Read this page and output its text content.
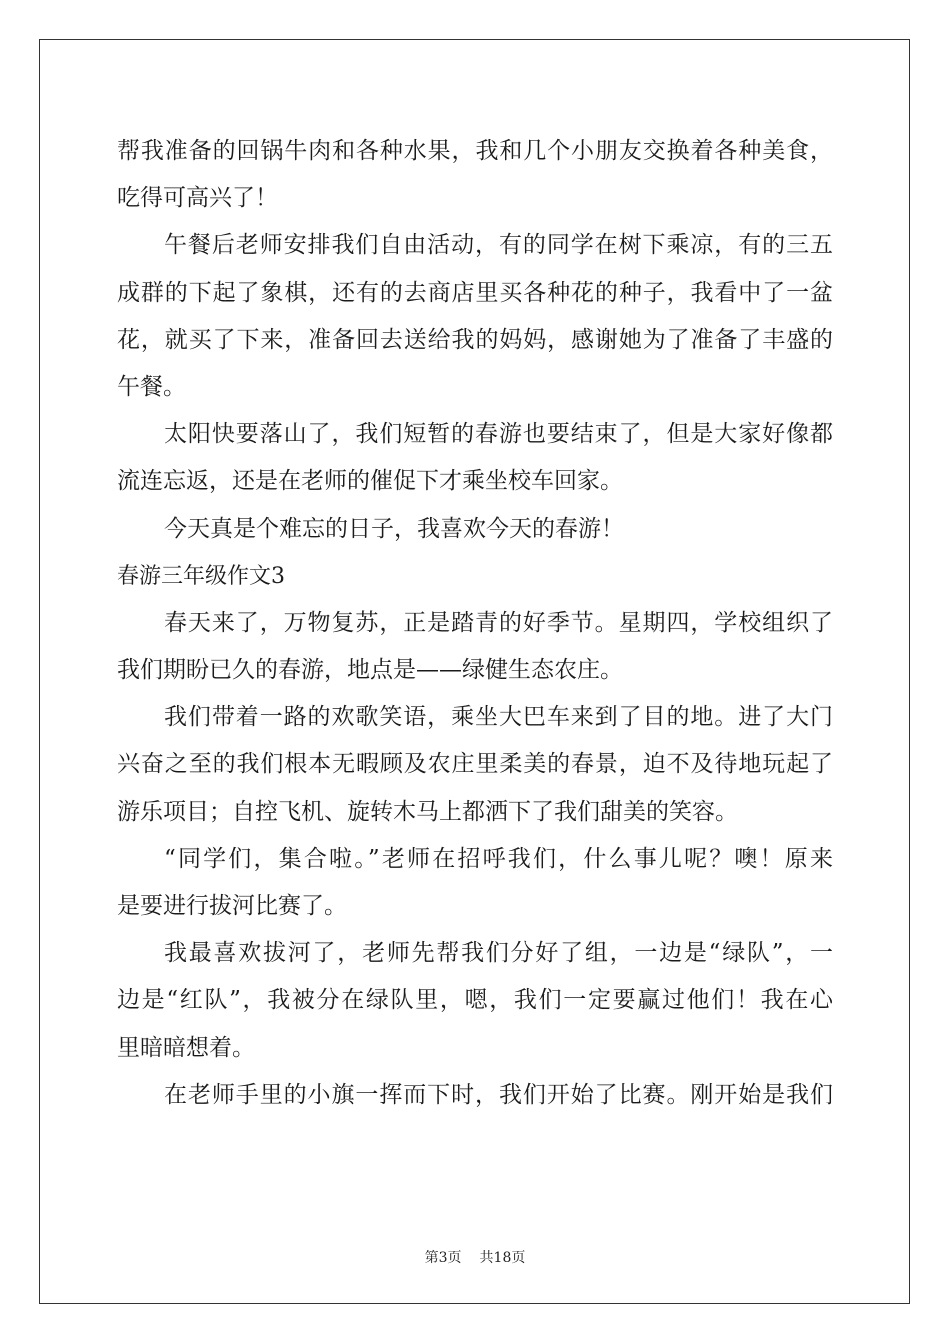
帮我准备的回锅牛肉和各种水果，我和几个小朋友交换着各种美食，
吃得可高兴了！
午餐后老师安排我们自由活动，有的同学在树下乘凉，有的三五
成群的下起了象棋，还有的去商店里买各种花的种子，我看中了一盆
花，就买了下来，准备回去送给我的妈妈，感谢她为了准备了丰盛的
午餐。
太阳快要落山了，我们短暂的春游也要结束了，但是大家好像都
流连忘返，还是在老师的催促下才乘坐校车回家。
今天真是个难忘的日子，我喜欢今天的春游！
春游三年级作文3
春天来了，万物复苏，正是踏青的好季节。星期四，学校组织了
我们期盼已久的春游，地点是——绿健生态农庄。
我们带着一路的欢歌笑语，乘坐大巴车来到了目的地。进了大门
兴奋之至的我们根本无暇顾及农庄里柔美的春景，迫不及待地玩起了
游乐项目；自控飞机、旋转木马上都洒下了我们甜美的笑容。
“同学们，集合啦。”老师在招呼我们，什么事儿呢？噢！原来
是要进行拔河比赛了。
我最喜欢拔河了，老师先帮我们分好了组，一边是“绿队”，一
边是“红队”，我被分在绿队里，嗯，我们一定要赢过他们！我在心
里暗暗想着。
在老师手里的小旗一挥而下时，我们开始了比赛。刚开始是我们
第3页 共18页
